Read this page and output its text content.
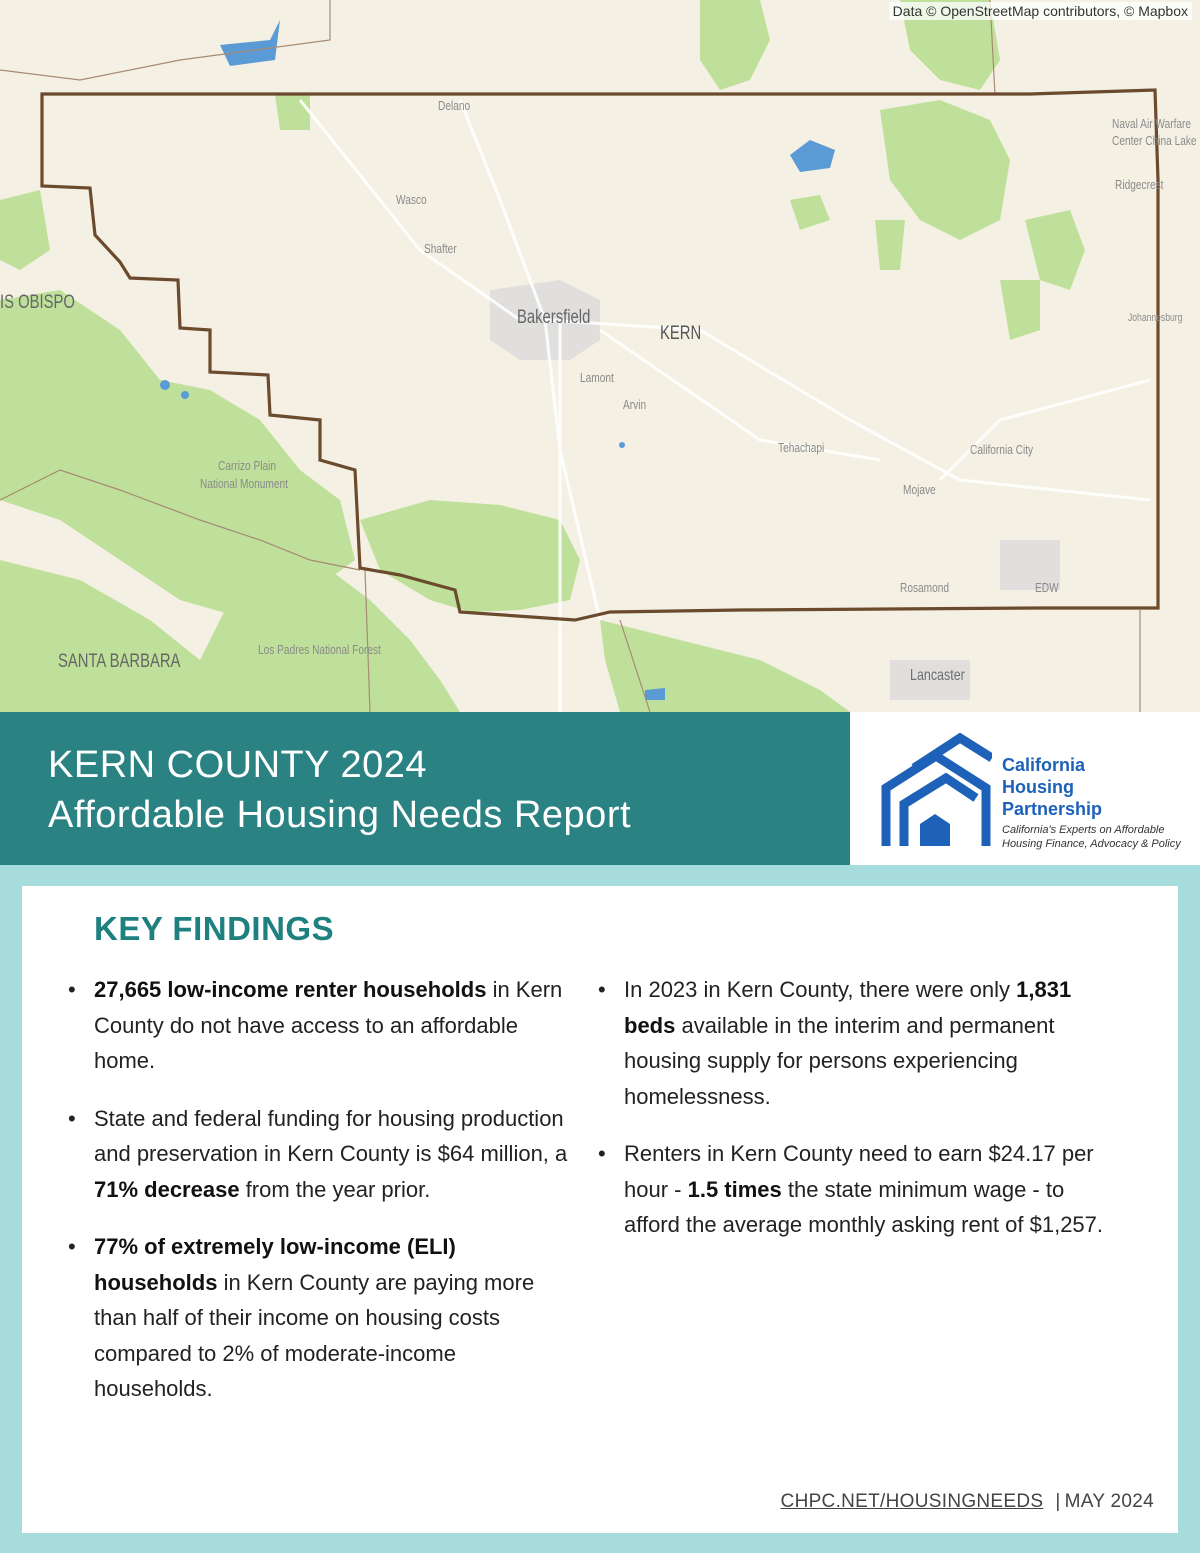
Data © OpenStreetMap contributors, © Mapbox
Delano
Wasco
Shafter
Bakersfield
KERN
Lamont
Arvin
Tehachapi	California City
Mojave
Rosamond	EDW
Lancaster
Naval Air Warfare
Center China Lake
Ridgecrest
Johannesburg
IS OBISPO
Carrizo Plain
National Monument
Los Padres National Forest
SANTA BARBARA
KERN COUNTY 2024
Affordable Housing Needs Report
California
Housing
Partnership
California's Experts on Affordable
Housing Finance, Advocacy & Policy
KEY FINDINGS
• 27,665 low-income renter households in Kern County do not have access to an affordable home.
• State and federal funding for housing production and preservation in Kern County is $64 million, a 71% decrease from the year prior.
• 77% of extremely low-income (ELI) households in Kern County are paying more than half of their income on housing costs compared to 2% of moderate-income households.
• In 2023 in Kern County, there were only 1,831 beds available in the interim and permanent housing supply for persons experiencing homelessness.
• Renters in Kern County need to earn $24.17 per hour - 1.5 times the state minimum wage - to afford the average monthly asking rent of $1,257.
CHPC.NET/HOUSINGNEEDS | MAY 2024
